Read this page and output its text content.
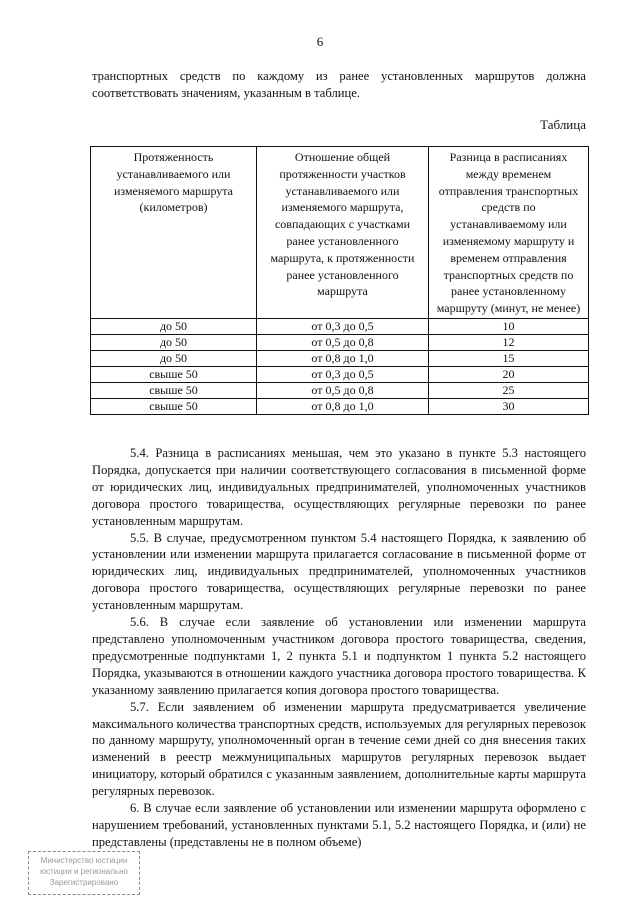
6
транспортных средств по каждому из ранее установленных маршрутов должна соответствовать значениям, указанным в таблице.
Таблица
Протяженность устанавливаемого или изменяемого маршрута (километров)	Отношение общей протяженности участков устанавливаемого или изменяемого маршрута, совпадающих с участками ранее установленного маршрута, к протяженности ранее установленного маршрута	Разница в расписаниях между временем отправления транспортных средств по устанавливаемому или изменяемому маршруту и временем отправления транспортных средств по ранее установленному маршруту (минут, не менее)
до 50	от 0,3 до 0,5	10
до 50	от 0,5 до 0,8	12
до 50	от 0,8 до 1,0	15
свыше 50	от 0,3 до 0,5	20
свыше 50	от 0,5 до 0,8	25
свыше 50	от 0,8 до 1,0	30

5.4. Разница в расписаниях меньшая, чем это указано в пункте 5.3 настоящего Порядка, допускается при наличии соответствующего согласования в письменной форме от юридических лиц, индивидуальных предпринимателей, уполномоченных участников договора простого товарищества, осуществляющих регулярные перевозки по ранее установленным маршрутам.

5.5. В случае, предусмотренном пунктом 5.4 настоящего Порядка, к заявлению об установлении или изменении маршрута прилагается согласование в письменной форме от юридических лиц, индивидуальных предпринимателей, уполномоченных участников договора простого товарищества, осуществляющих регулярные перевозки по ранее установленным маршрутам.

5.6. В случае если заявление об установлении или изменении маршрута представлено уполномоченным участником договора простого товарищества, сведения, предусмотренные подпунктами 1, 2 пункта 5.1 и подпунктом 1 пункта 5.2 настоящего Порядка, указываются в отношении каждого участника договора простого товарищества. К указанному заявлению прилагается копия договора простого товарищества.

5.7. Если заявлением об изменении маршрута предусматривается увеличение максимального количества транспортных средств, используемых для регулярных перевозок по данному маршруту, уполномоченный орган в течение семи дней со дня внесения таких изменений в реестр межмуниципальных маршрутов регулярных перевозок выдает инициатору, который обратился с указанным заявлением, дополнительные карты маршрута регулярных перевозок.

6. В случае если заявление об установлении или изменении маршрута оформлено с нарушением требований, установленных пунктами 5.1, 5.2 настоящего Порядка, и (или) не представлены (представлены не в полном объеме)

Министерство юстиции
юстиции и регионально
Зарегистрировано
